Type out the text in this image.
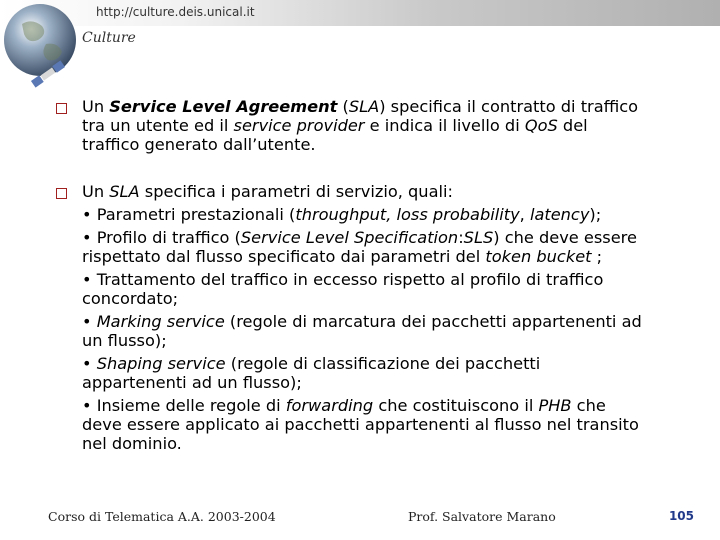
http://culture.deis.unical.it
Culture
Un Service Level Agreement (SLA) specifica il contratto di traffico
tra un utente ed il service provider e indica il livello di QoS del
traffico generato dall’utente.
Un SLA specifica i parametri di servizio, quali:
• Parametri prestazionali (throughput, loss probability, latency);
• Profilo di traffico (Service Level Specification:SLS) che deve essere
rispettato dal flusso specificato dai parametri del token bucket ;
• Trattamento del traffico in eccesso rispetto al profilo di traffico
concordato;
• Marking service (regole di marcatura dei pacchetti appartenenti ad
un flusso);
• Shaping service (regole di classificazione dei pacchetti
appartenenti ad un flusso);
• Insieme delle regole di forwarding che costituiscono il PHB che
deve essere applicato ai pacchetti appartenenti al flusso nel transito
nel dominio.
Corso di Telematica A.A. 2003-2004	Prof. Salvatore Marano	105
